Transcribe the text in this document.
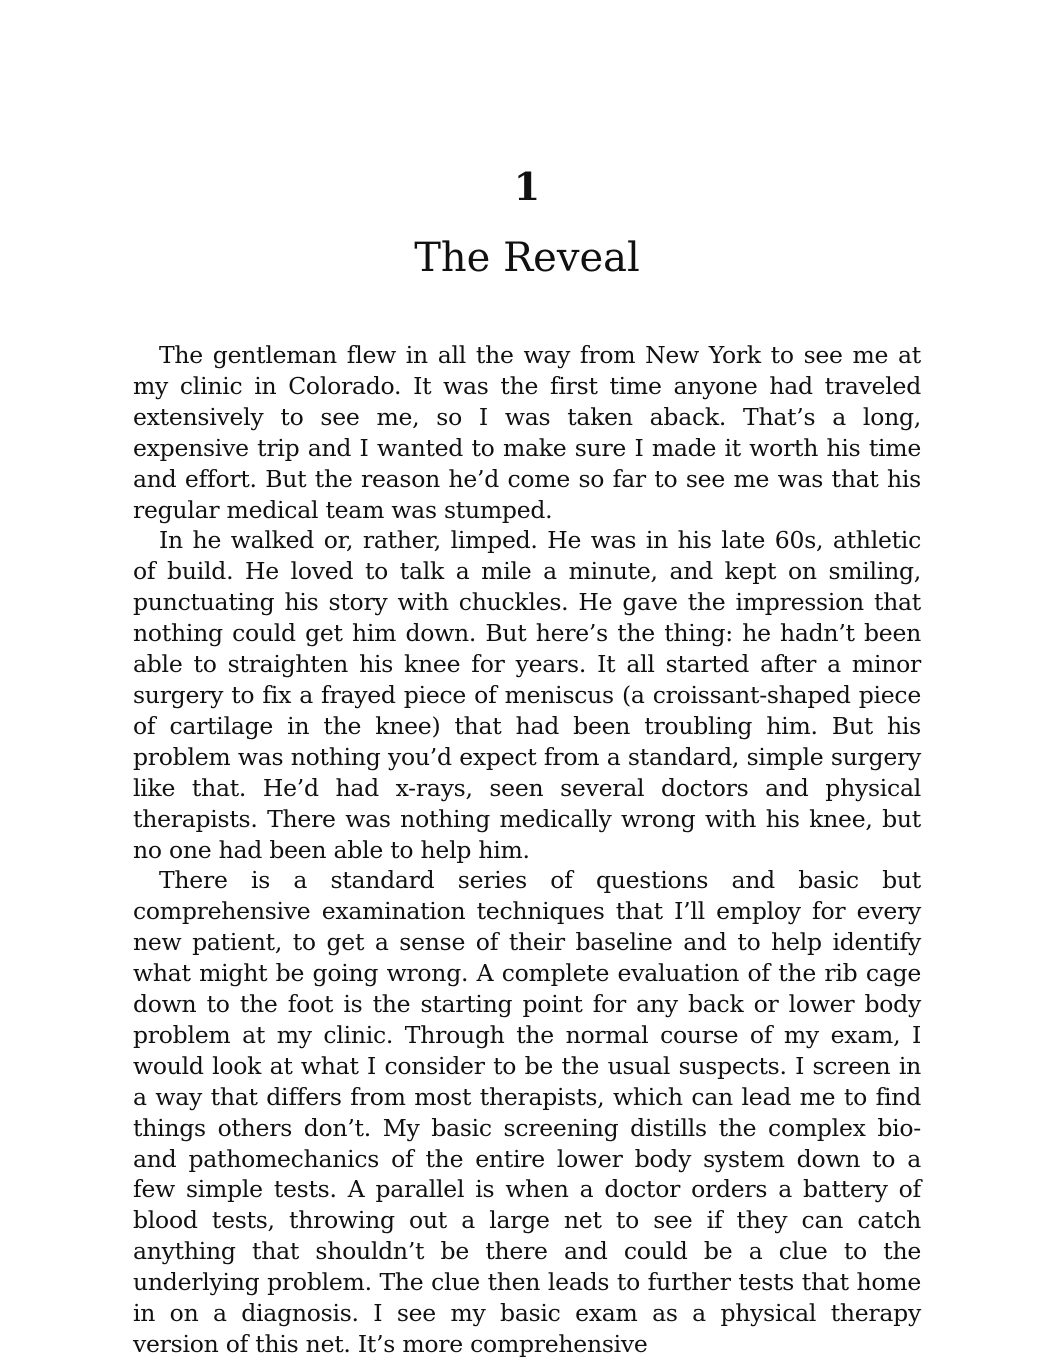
1
The Reveal

The gentleman flew in all the way from New York to see me at my clinic in Colorado. It was the first time anyone had traveled extensively to see me, so I was taken aback. That’s a long, expensive trip and I wanted to make sure I made it worth his time and effort. But the reason he’d come so far to see me was that his regular medical team was stumped.

In he walked or, rather, limped. He was in his late 60s, athletic of build. He loved to talk a mile a minute, and kept on smiling, punctuating his story with chuckles. He gave the impression that nothing could get him down. But here’s the thing: he hadn’t been able to straighten his knee for years. It all started after a minor surgery to fix a frayed piece of meniscus (a croissant-shaped piece of cartilage in the knee) that had been troubling him. But his problem was nothing you’d expect from a standard, simple surgery like that. He’d had x-rays, seen several doctors and physical therapists. There was nothing medically wrong with his knee, but no one had been able to help him.

There is a standard series of questions and basic but comprehensive examination techniques that I’ll employ for every new patient, to get a sense of their baseline and to help identify what might be going wrong. A complete evaluation of the rib cage down to the foot is the starting point for any back or lower body problem at my clinic. Through the normal course of my exam, I would look at what I consider to be the usual suspects. I screen in a way that differs from most therapists, which can lead me to find things others don’t. My basic screening distills the complex bio- and pathomechanics of the entire lower body system down to a few simple tests. A parallel is when a doctor orders a battery of blood tests, throwing out a large net to see if they can catch anything that shouldn’t be there and could be a clue to the underlying problem. The clue then leads to further tests that home in on a diagnosis. I see my basic exam as a physical therapy version of this net. It’s more comprehensive
